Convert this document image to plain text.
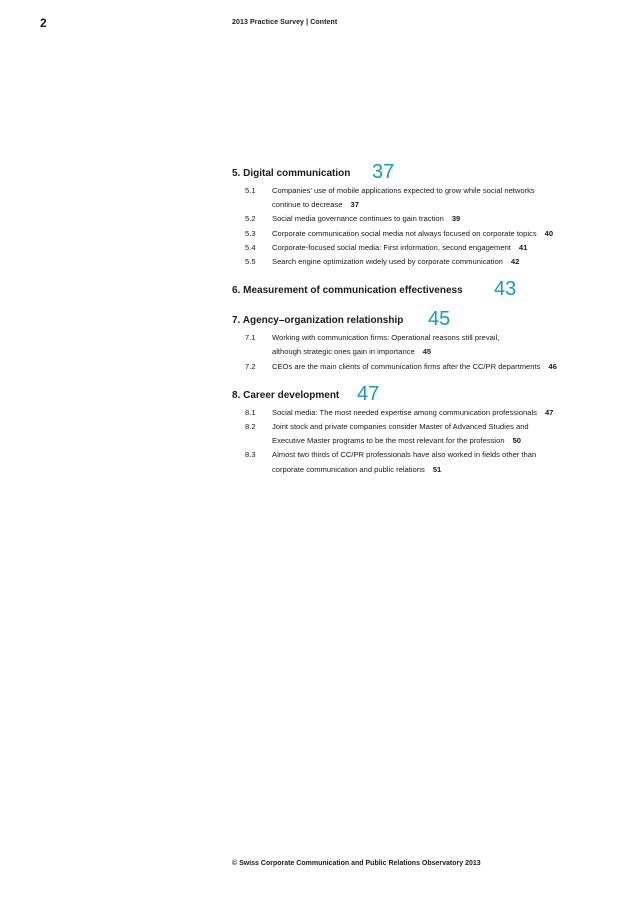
2	2013 Practice Survey | Content
5. Digital communication 37
5.1	Companies' use of mobile applications expected to grow while social networks
continue to decrease 37
5.2	Social media governance continues to gain traction 39
5.3	Corporate communication social media not always focused on corporate topics 40
5.4	Corporate-focused social media: First information, second engagement 41
5.5	Search engine optimization widely used by corporate communication 42
6. Measurement of communication effectiveness 43
7. Agency–organization relationship 45
7.1	Working with communication firms: Operational reasons still prevail,
although strategic ones gain in importance 45
7.2	CEOs are the main clients of communication firms after the CC/PR departments 46
8. Career development 47
8.1	Social media: The most needed expertise among communication professionals 47
8.2	Joint stock and private companies consider Master of Advanced Studies and
Executive Master programs to be the most relevant for the profession 50
8.3	Almost two thirds of CC/PR professionals have also worked in fields other than
corporate communication and public relations 51
© Swiss Corporate Communication and Public Relations Observatory 2013
